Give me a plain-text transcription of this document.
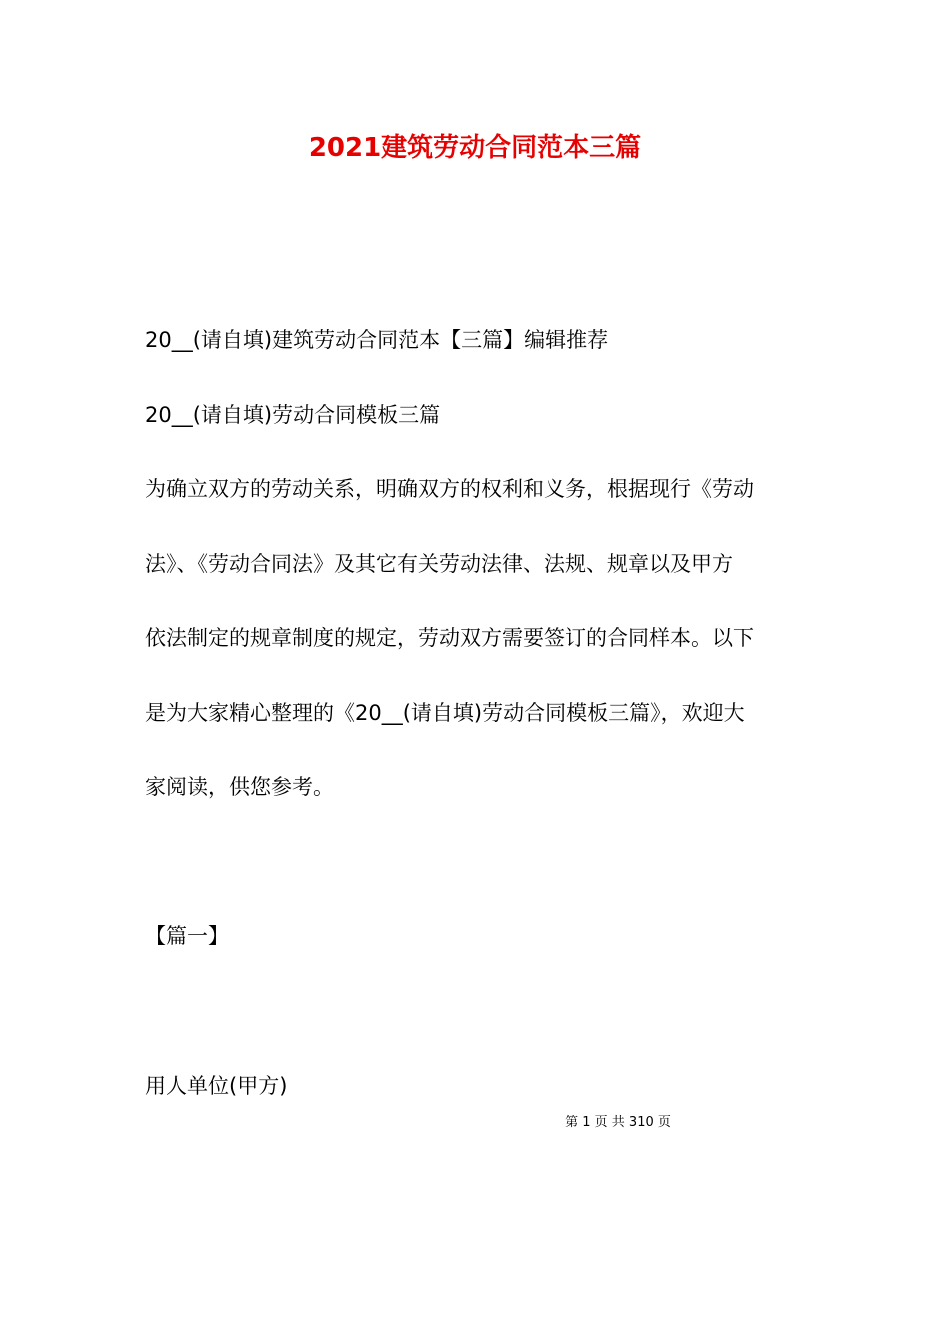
2021建筑劳动合同范本三篇

20__(请自填)建筑劳动合同范本【三篇】编辑推荐

20__(请自填)劳动合同模板三篇

为确立双方的劳动关系，明确双方的权利和义务，根据现行《劳动

法》、《劳动合同法》及其它有关劳动法律、法规、规章以及甲方

依法制定的规章制度的规定，劳动双方需要签订的合同样本。以下

是为大家精心整理的《20__(请自填)劳动合同模板三篇》，欢迎大

家阅读，供您参考。

【篇一】

用人单位(甲方)

第 1 页 共 310 页
